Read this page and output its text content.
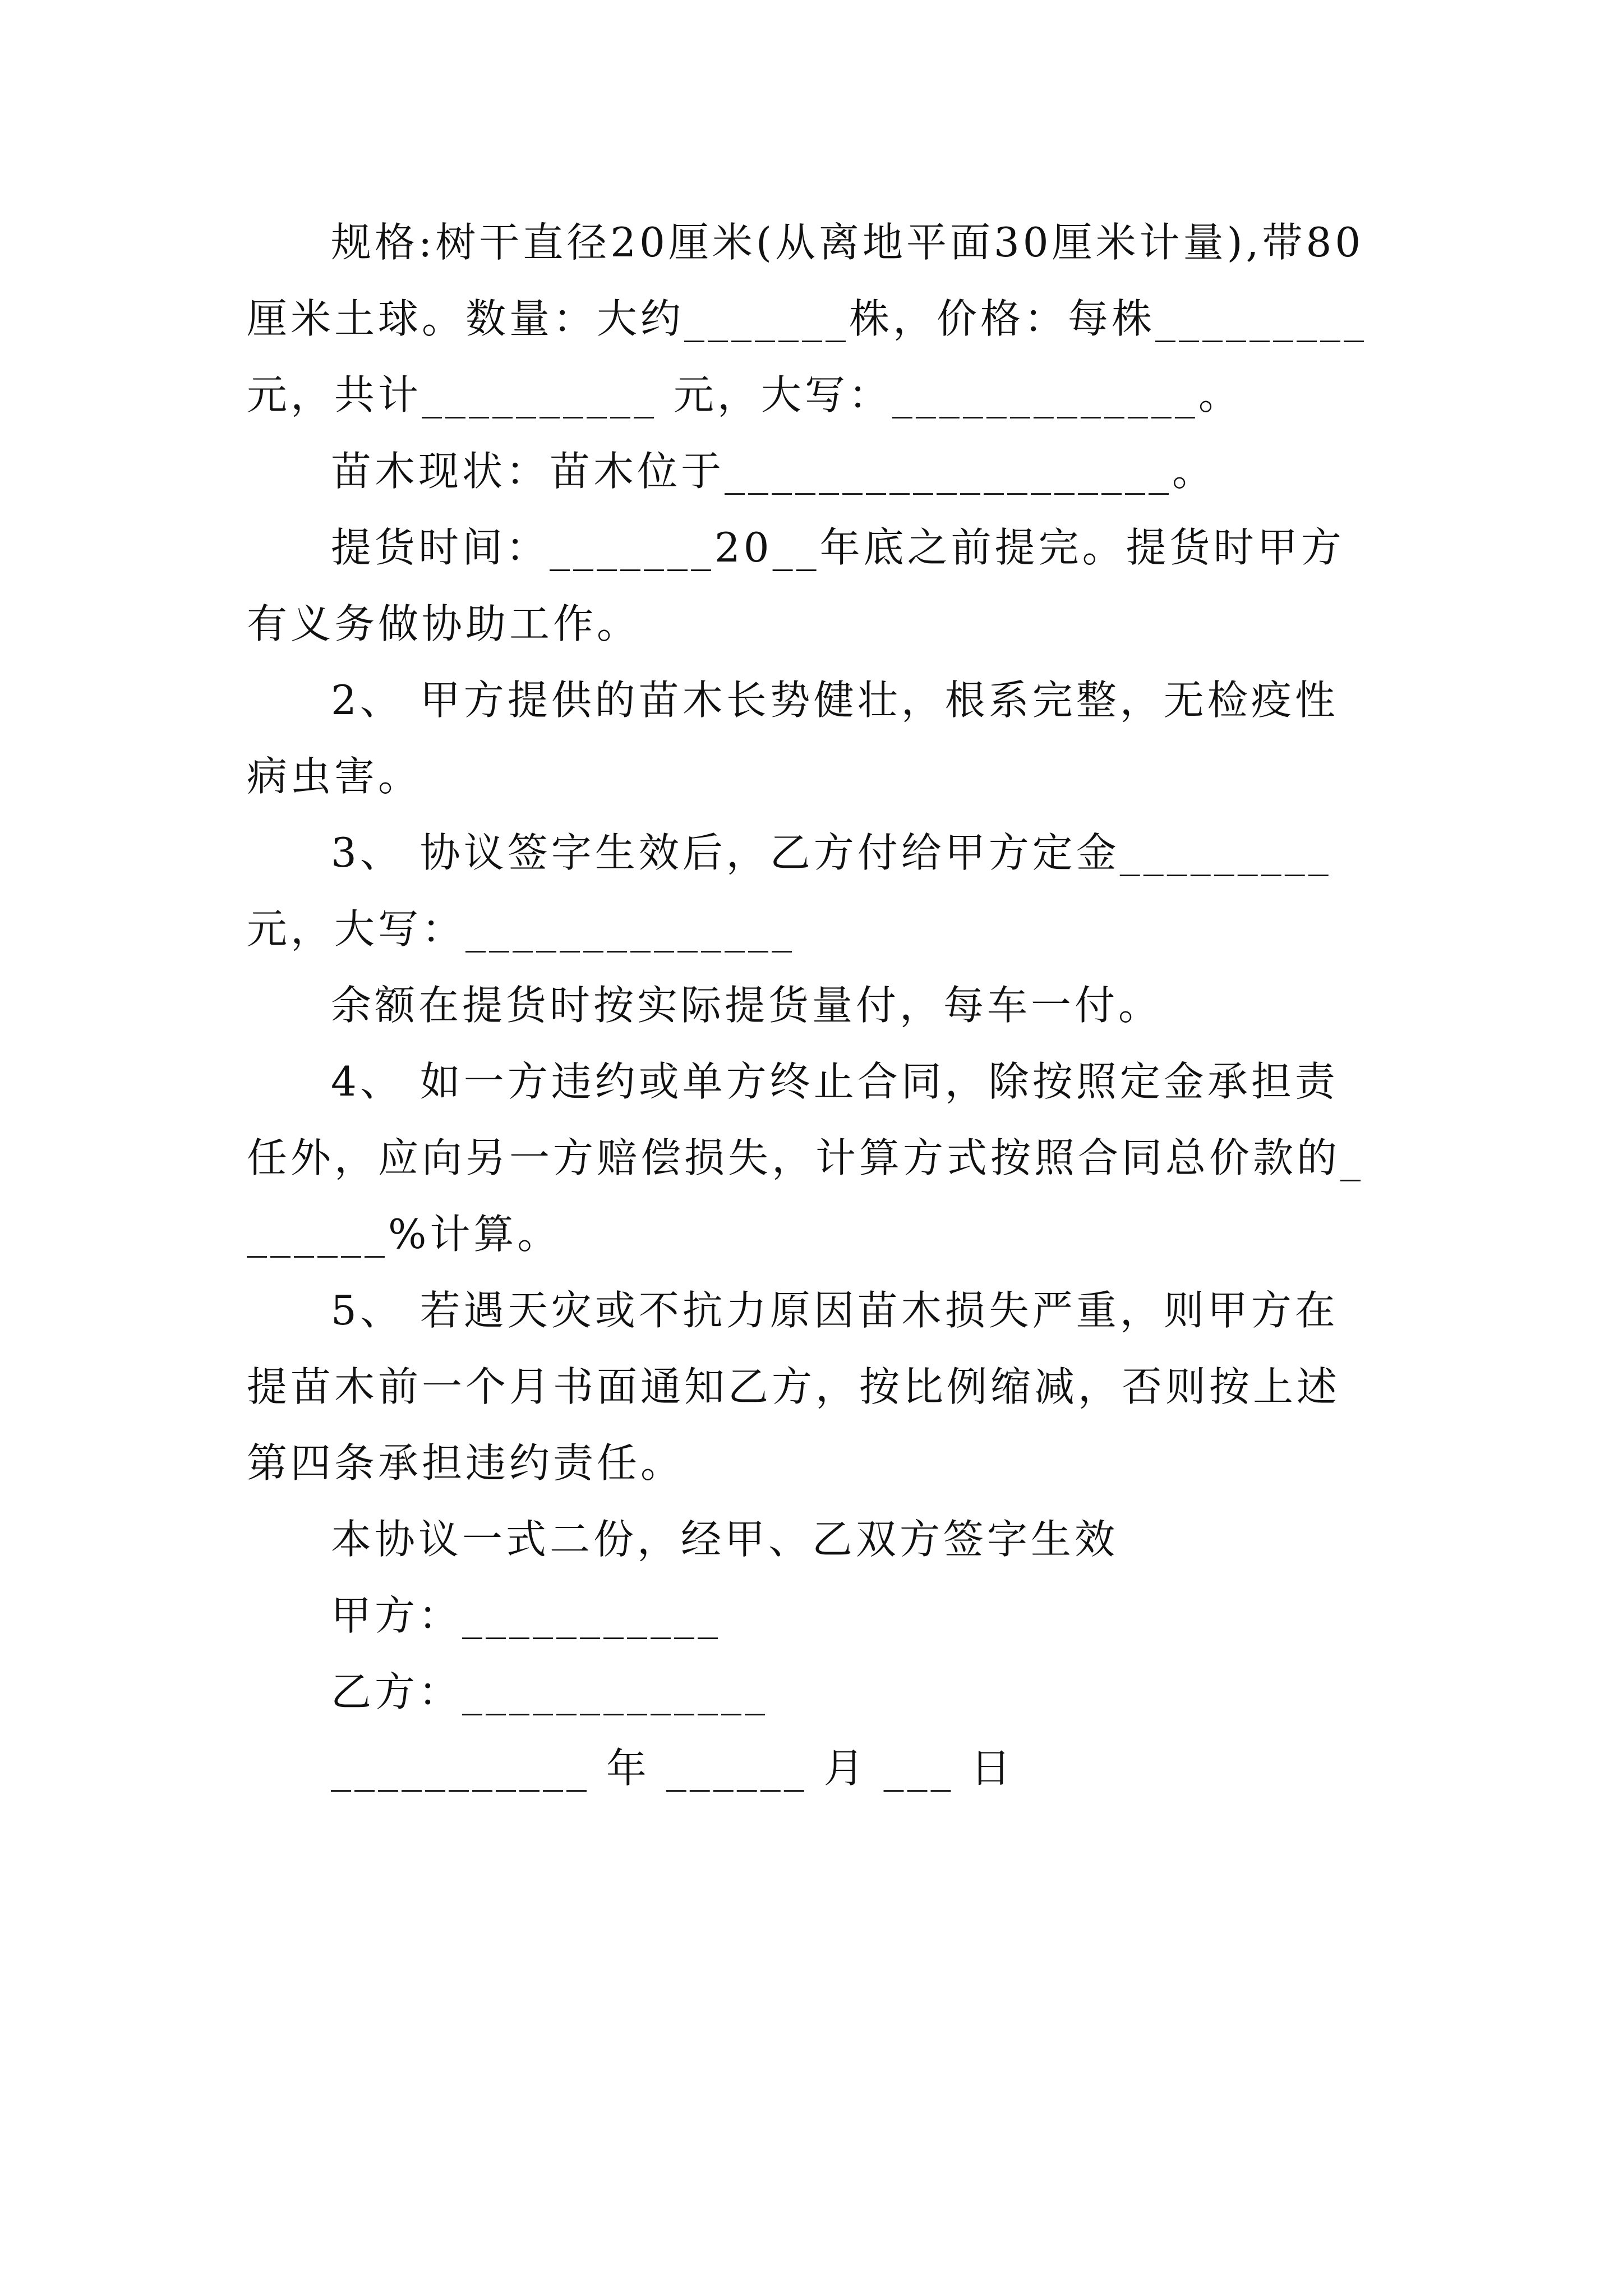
规格:树干直径20厘米(从离地平面30厘米计量),带80厘米土球。数量：大约_______株，价格：每株_________元，共计__________ 元，大写：_____________。
苗木现状：苗木位于___________________。
提货时间：_______20__年底之前提完。提货时甲方有义务做协助工作。
2、 甲方提供的苗木长势健壮，根系完整，无检疫性病虫害。
3、 协议签字生效后，乙方付给甲方定金_________元，大写：______________
余额在提货时按实际提货量付，每车一付。
4、 如一方违约或单方终止合同，除按照定金承担责任外，应向另一方赔偿损失，计算方式按照合同总价款的_______%计算。
5、 若遇天灾或不抗力原因苗木损失严重，则甲方在提苗木前一个月书面通知乙方，按比例缩减，否则按上述第四条承担违约责任。
本协议一式二份，经甲、乙双方签字生效
甲方：___________
乙方：_____________
___________ 年 ______ 月 ___ 日
